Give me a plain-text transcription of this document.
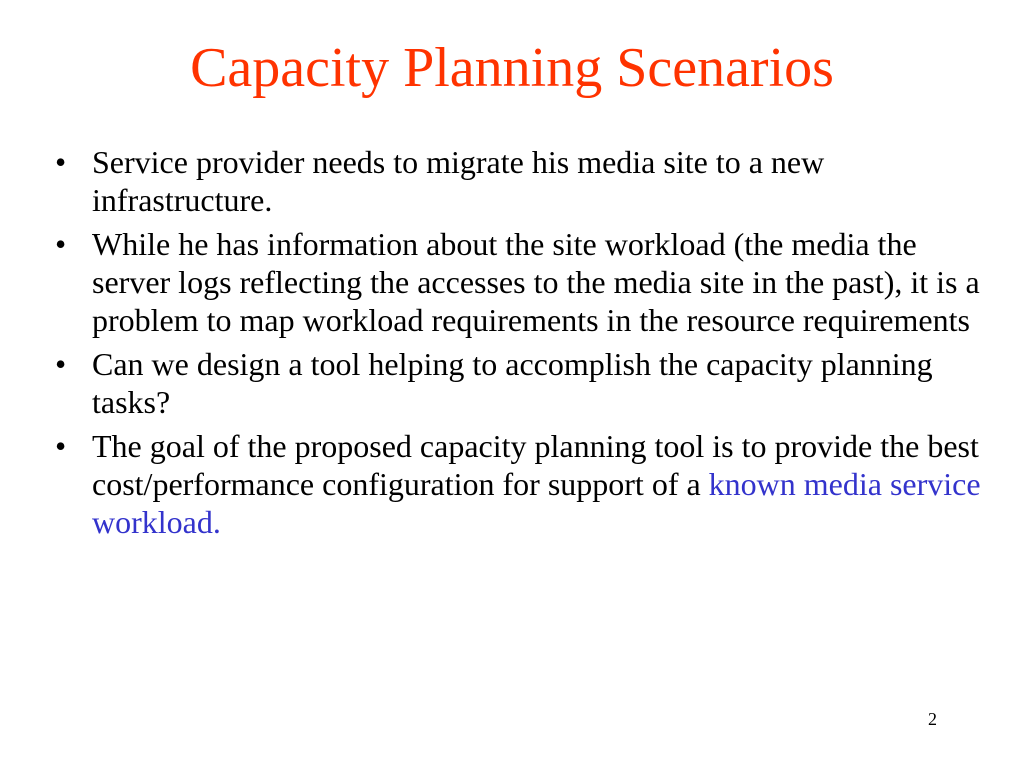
Capacity Planning Scenarios
• Service provider needs to migrate his media site to a new infrastructure.
• While he has information about the site workload (the media the server logs reflecting the accesses to the media site in the past), it is a problem to map workload requirements in the resource requirements
• Can we design a tool helping to accomplish the capacity planning tasks?
• The goal of the proposed capacity planning tool is to provide the best cost/performance configuration for support of a known media service workload.
2
